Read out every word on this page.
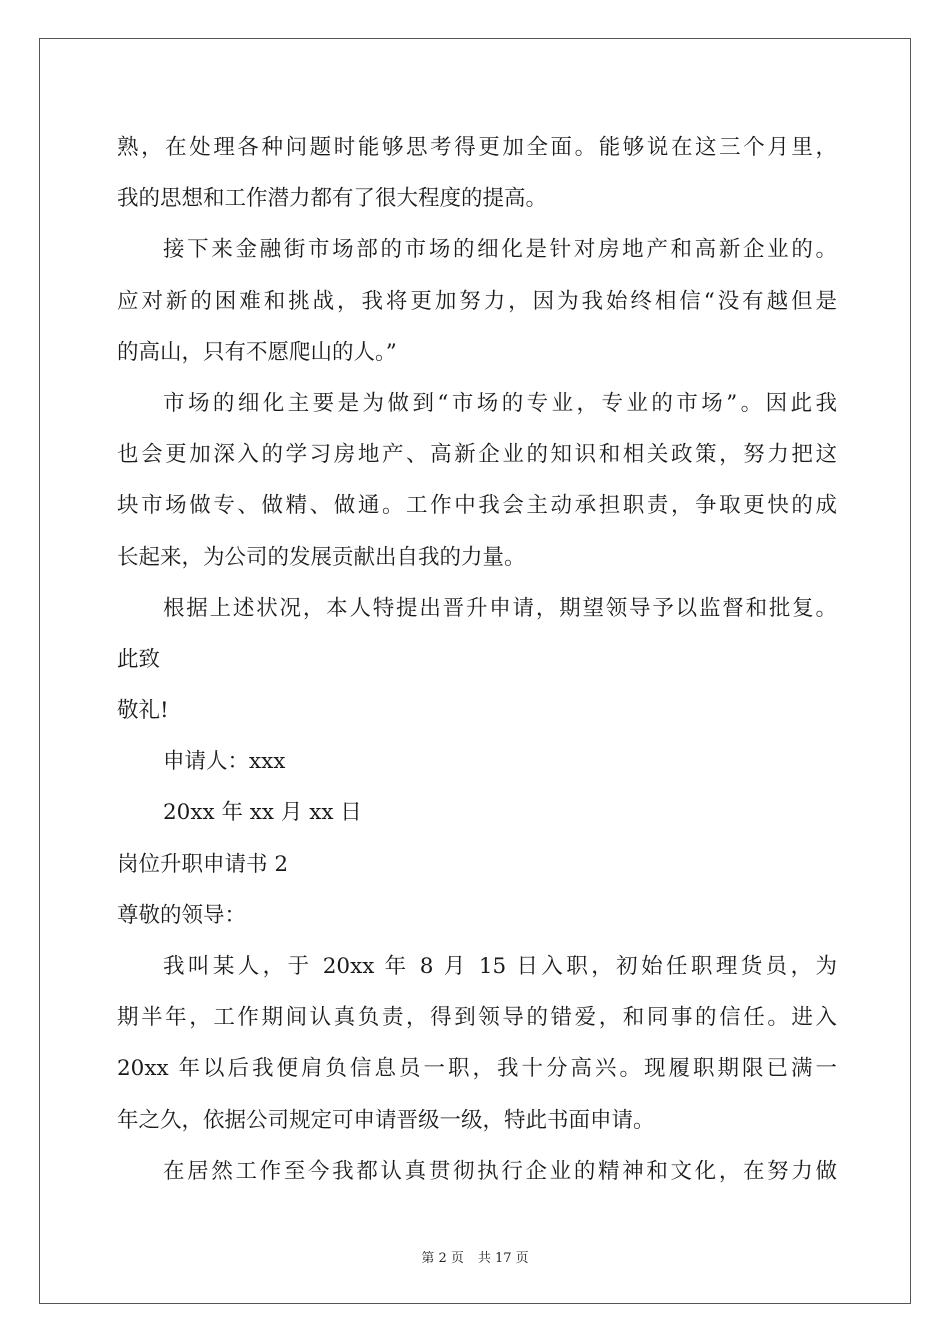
熟，在处理各种问题时能够思考得更加全面。能够说在这三个月里，
我的思想和工作潜力都有了很大程度的提高。
接下来金融街市场部的市场的细化是针对房地产和高新企业的。
应对新的困难和挑战，我将更加努力，因为我始终相信“没有越但是
的高山，只有不愿爬山的人。”
市场的细化主要是为做到“市场的专业，专业的市场”。因此我
也会更加深入的学习房地产、高新企业的知识和相关政策，努力把这
块市场做专、做精、做通。工作中我会主动承担职责，争取更快的成
长起来，为公司的发展贡献出自我的力量。
根据上述状况，本人特提出晋升申请，期望领导予以监督和批复。
此致
敬礼!
申请人：xxx
20xx 年 xx 月 xx 日
岗位升职申请书 2
尊敬的领导：
我叫某人，于 20xx 年 8 月 15 日入职，初始任职理货员，为
期半年，工作期间认真负责，得到领导的错爱，和同事的信任。进入
20xx 年以后我便肩负信息员一职，我十分高兴。现履职期限已满一
年之久，依据公司规定可申请晋级一级，特此书面申请。
在居然工作至今我都认真贯彻执行企业的精神和文化，在努力做
第 2 页 共 17 页
